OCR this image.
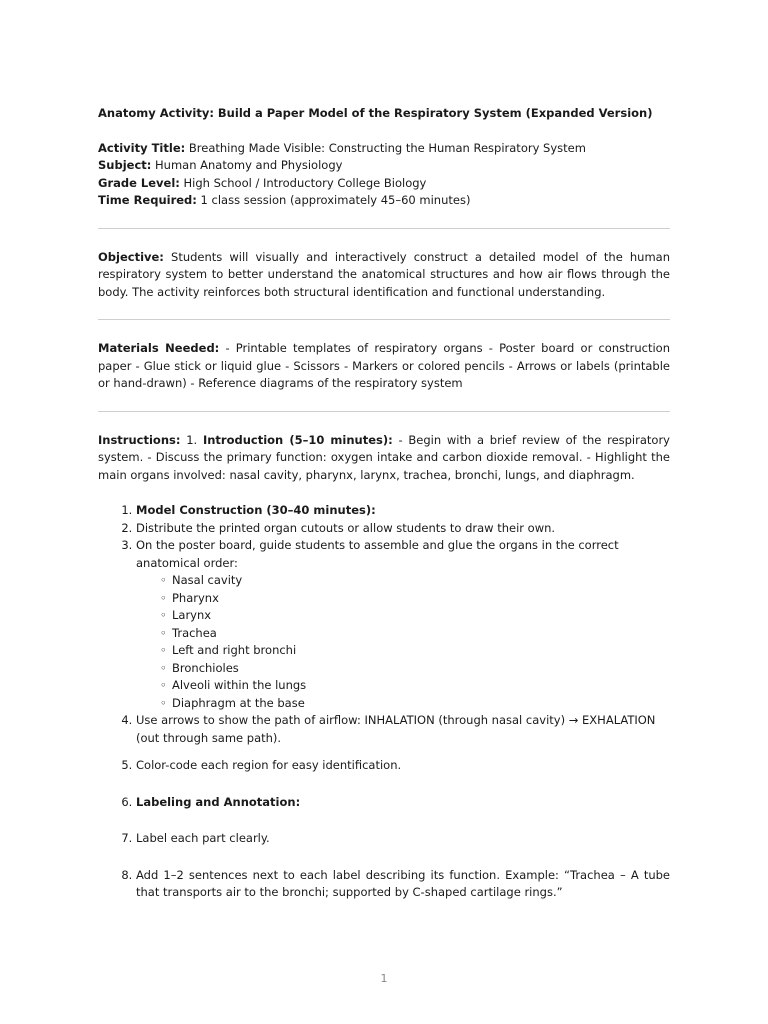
Anatomy Activity: Build a Paper Model of the Respiratory System (Expanded Version)

Activity Title: Breathing Made Visible: Constructing the Human Respiratory System

Subject: Human Anatomy and Physiology

Grade Level: High School / Introductory College Biology

Time Required: 1 class session (approximately 45–60 minutes)

Objective: Students will visually and interactively construct a detailed model of the human respiratory system to better understand the anatomical structures and how air flows through the body. The activity reinforces both structural identification and functional understanding.

Materials Needed: - Printable templates of respiratory organs - Poster board or construction paper - Glue stick or liquid glue - Scissors - Markers or colored pencils - Arrows or labels (printable or hand-drawn) - Reference diagrams of the respiratory system

Instructions: 1. Introduction (5–10 minutes): - Begin with a brief review of the respiratory system. - Discuss the primary function: oxygen intake and carbon dioxide removal. - Highlight the main organs involved: nasal cavity, pharynx, larynx, trachea, bronchi, lungs, and diaphragm.

1. Model Construction (30–40 minutes):
2. Distribute the printed organ cutouts or allow students to draw their own.
3. On the poster board, guide students to assemble and glue the organs in the correct anatomical order:
◦ Nasal cavity
◦ Pharynx
◦ Larynx
◦ Trachea
◦ Left and right bronchi
◦ Bronchioles
◦ Alveoli within the lungs
◦ Diaphragm at the base
4. Use arrows to show the path of airflow: INHALATION (through nasal cavity) → EXHALATION (out through same path).
5. Color-code each region for easy identification.
6. Labeling and Annotation:
7. Label each part clearly.
8. Add 1–2 sentences next to each label describing its function. Example: “Trachea – A tube that transports air to the bronchi; supported by C-shaped cartilage rings.”
1
